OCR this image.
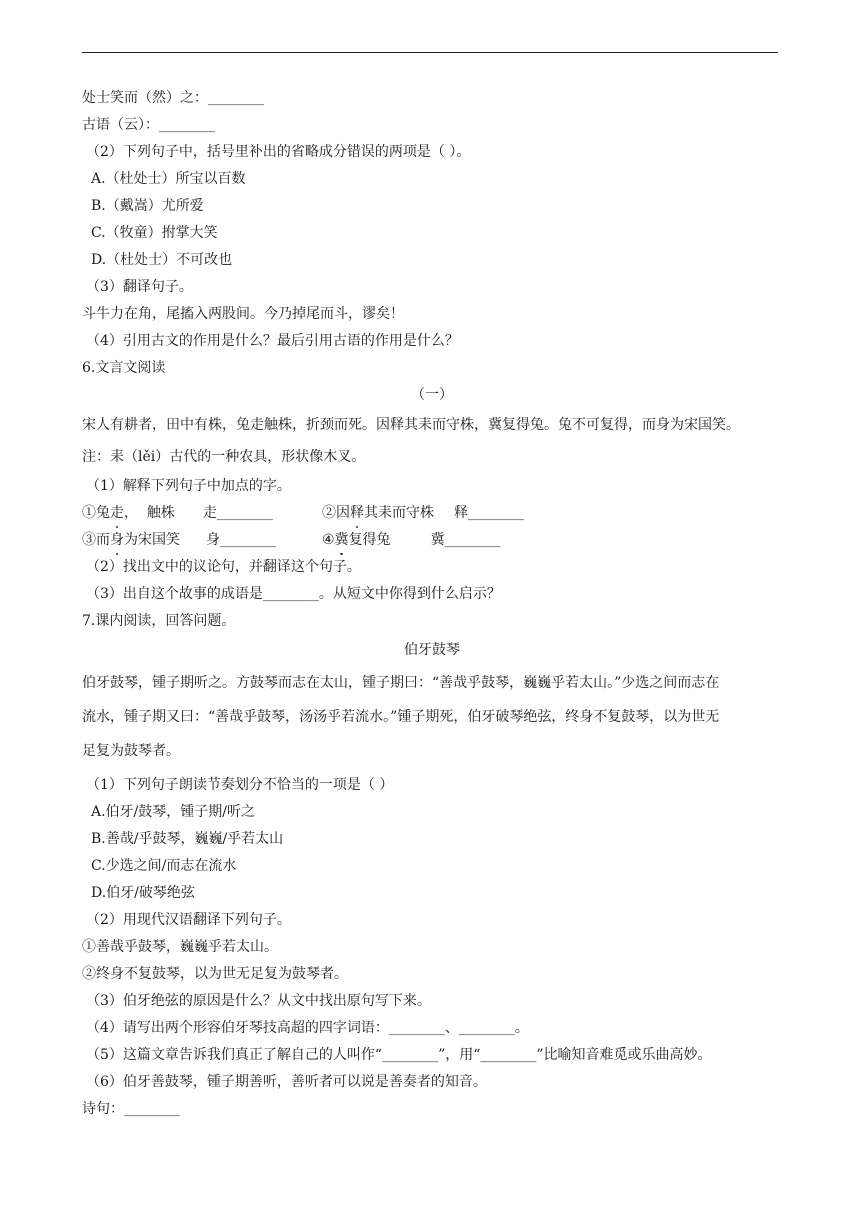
处士笑而（然）之：________
古语（云）：________
（2）下列句子中，括号里补出的省略成分错误的两项是（ ）。
A.（杜处士）所宝以百数
B.（戴嵩）尤所爱
C.（牧童）拊掌大笑
D.（杜处士）不可改也
（3）翻译句子。
斗牛力在角，尾搐入两股间。今乃掉尾而斗，谬矣！
（4）引用古文的作用是什么？最后引用古语的作用是什么？
6.文言文阅读
（一）
宋人有耕者，田中有株，兔走触株，折颈而死。因释其耒而守株，冀复得兔。兔不可复得，而身为宋国笑。
注：耒（lěi）古代的一种农具，形状像木叉。
（1）解释下列句子中加点的字。
①兔走，  触株 走________	②因释其耒而守株 释________
③而身为宋国笑 身________	④冀复得兔	冀________
（2）找出文中的议论句，并翻译这个句子。
（3）出自这个故事的成语是________。从短文中你得到什么启示？
7.课内阅读，回答问题。
伯牙鼓琴
伯牙鼓琴，锺子期听之。方鼓琴而志在太山，锺子期曰：“善哉乎鼓琴，巍巍乎若太山。”少选之间而志在
流水，锺子期又曰：“善哉乎鼓琴，汤汤乎若流水。”锺子期死，伯牙破琴绝弦，终身不复鼓琴，以为世无
足复为鼓琴者。
（1）下列句子朗读节奏划分不恰当的一项是（ ）
A.伯牙/鼓琴，锺子期/听之
B.善哉/乎鼓琴，巍巍/乎若太山
C.少选之间/而志在流水
D.伯牙/破琴绝弦
（2）用现代汉语翻译下列句子。
①善哉乎鼓琴，巍巍乎若太山。
②终身不复鼓琴，以为世无足复为鼓琴者。
（3）伯牙绝弦的原因是什么？从文中找出原句写下来。
（4）请写出两个形容伯牙琴技高超的四字词语：________、________。
（5）这篇文章告诉我们真正了解自己的人叫作“________”，用“________”比喻知音难觅或乐曲高妙。
（6）伯牙善鼓琴，锺子期善听，善听者可以说是善奏者的知音。
诗句：________
